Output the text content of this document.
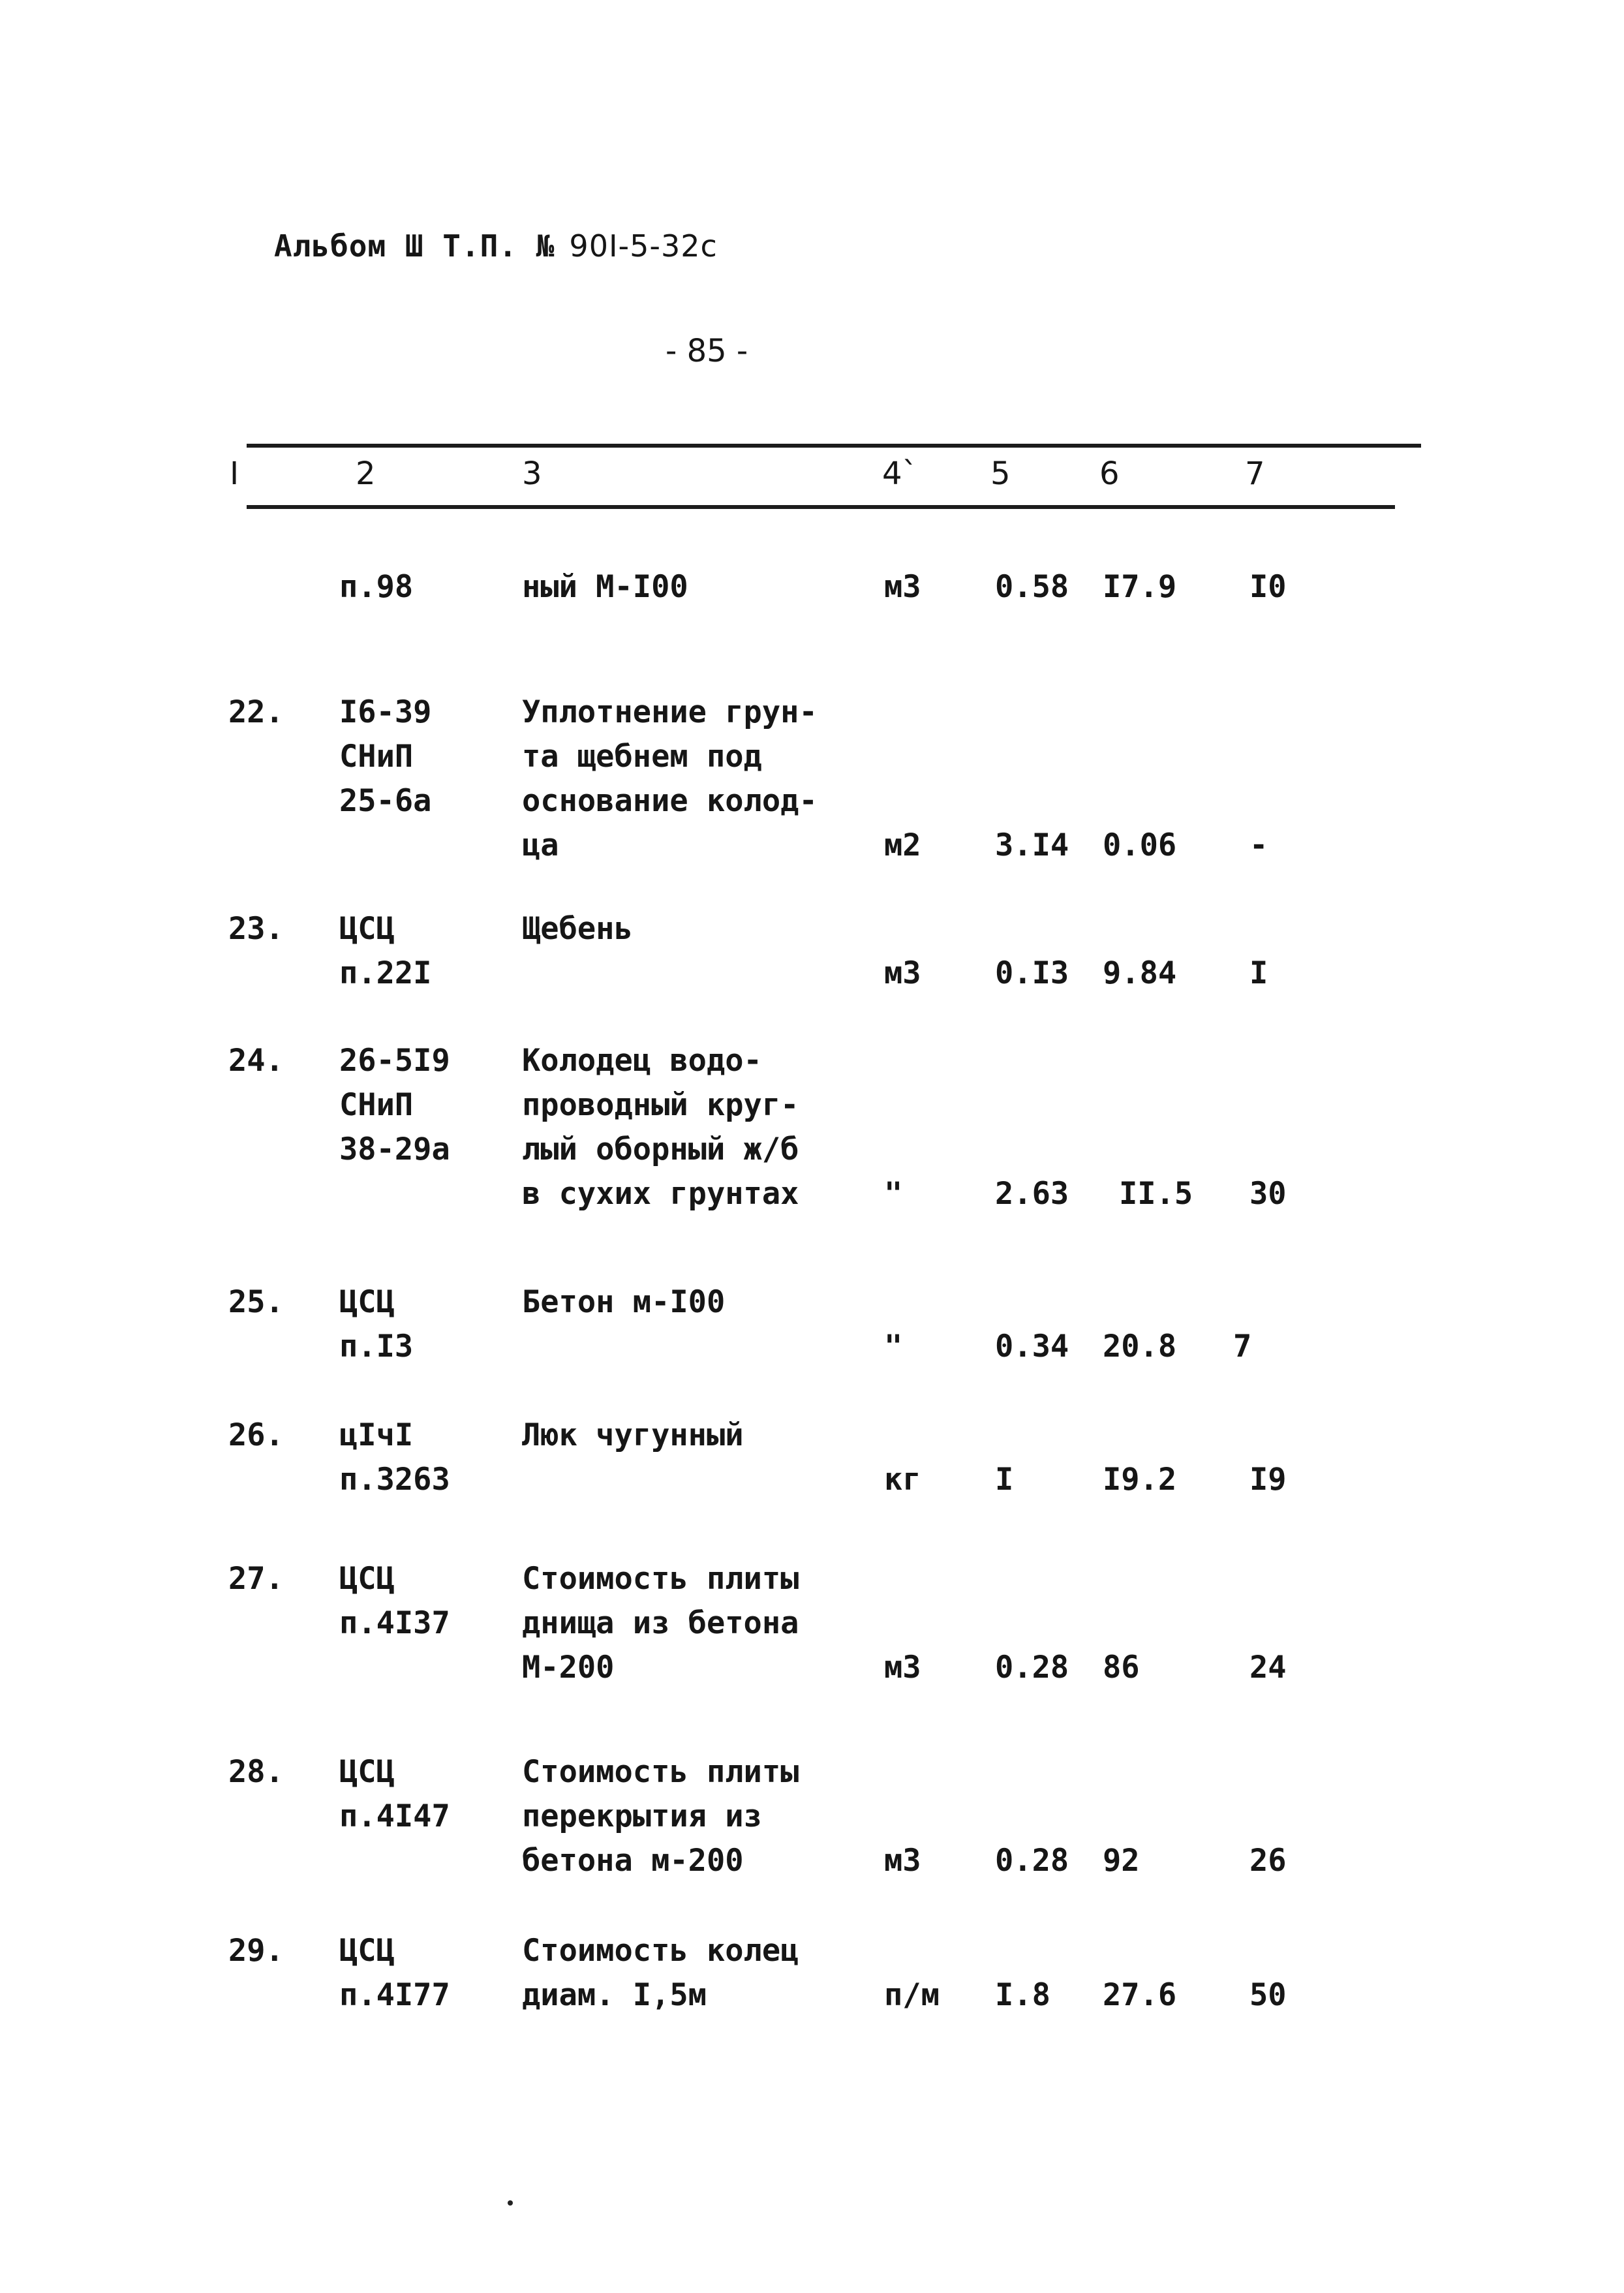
Альбом Ш Т.П. № 90I-5-32с
- 85 -
I	2	3	4` 5	6	7
п.98	ный М-I00	м3 0.58 I7.9 I0
22. I6-39
СНиП
25-6а
Уплотнение грун-
та щебнем под
основание колод-
ца	м2 3.I4 0.06 -
23. ЦСЦ
п.22I
Щебень
м3 0.I3 9.84 I
24. 26-5I9
СНиП
38-29а
Колодец водо-
проводный круг-
лый оборный ж/б
в сухих грунтах	"	2.63 II.5 30
25. ЦСЦ
п.I3
Бетон м-I00
"	0.34 20.8 7
26. цIчI
п.3263
Люк чугунный
кг I	I9.2 I9
27. ЦСЦ
п.4I37
Стоимость плиты
днища из бетона
М-200	м3 0.28 86	24
28. ЦСЦ
п.4I47
Стоимость плиты
перекрытия из
бетона м-200	м3 0.28 92	26
29. ЦСЦ
п.4I77
Стоимость колец
диам. I,5м	п/м I.8 27.6 50
